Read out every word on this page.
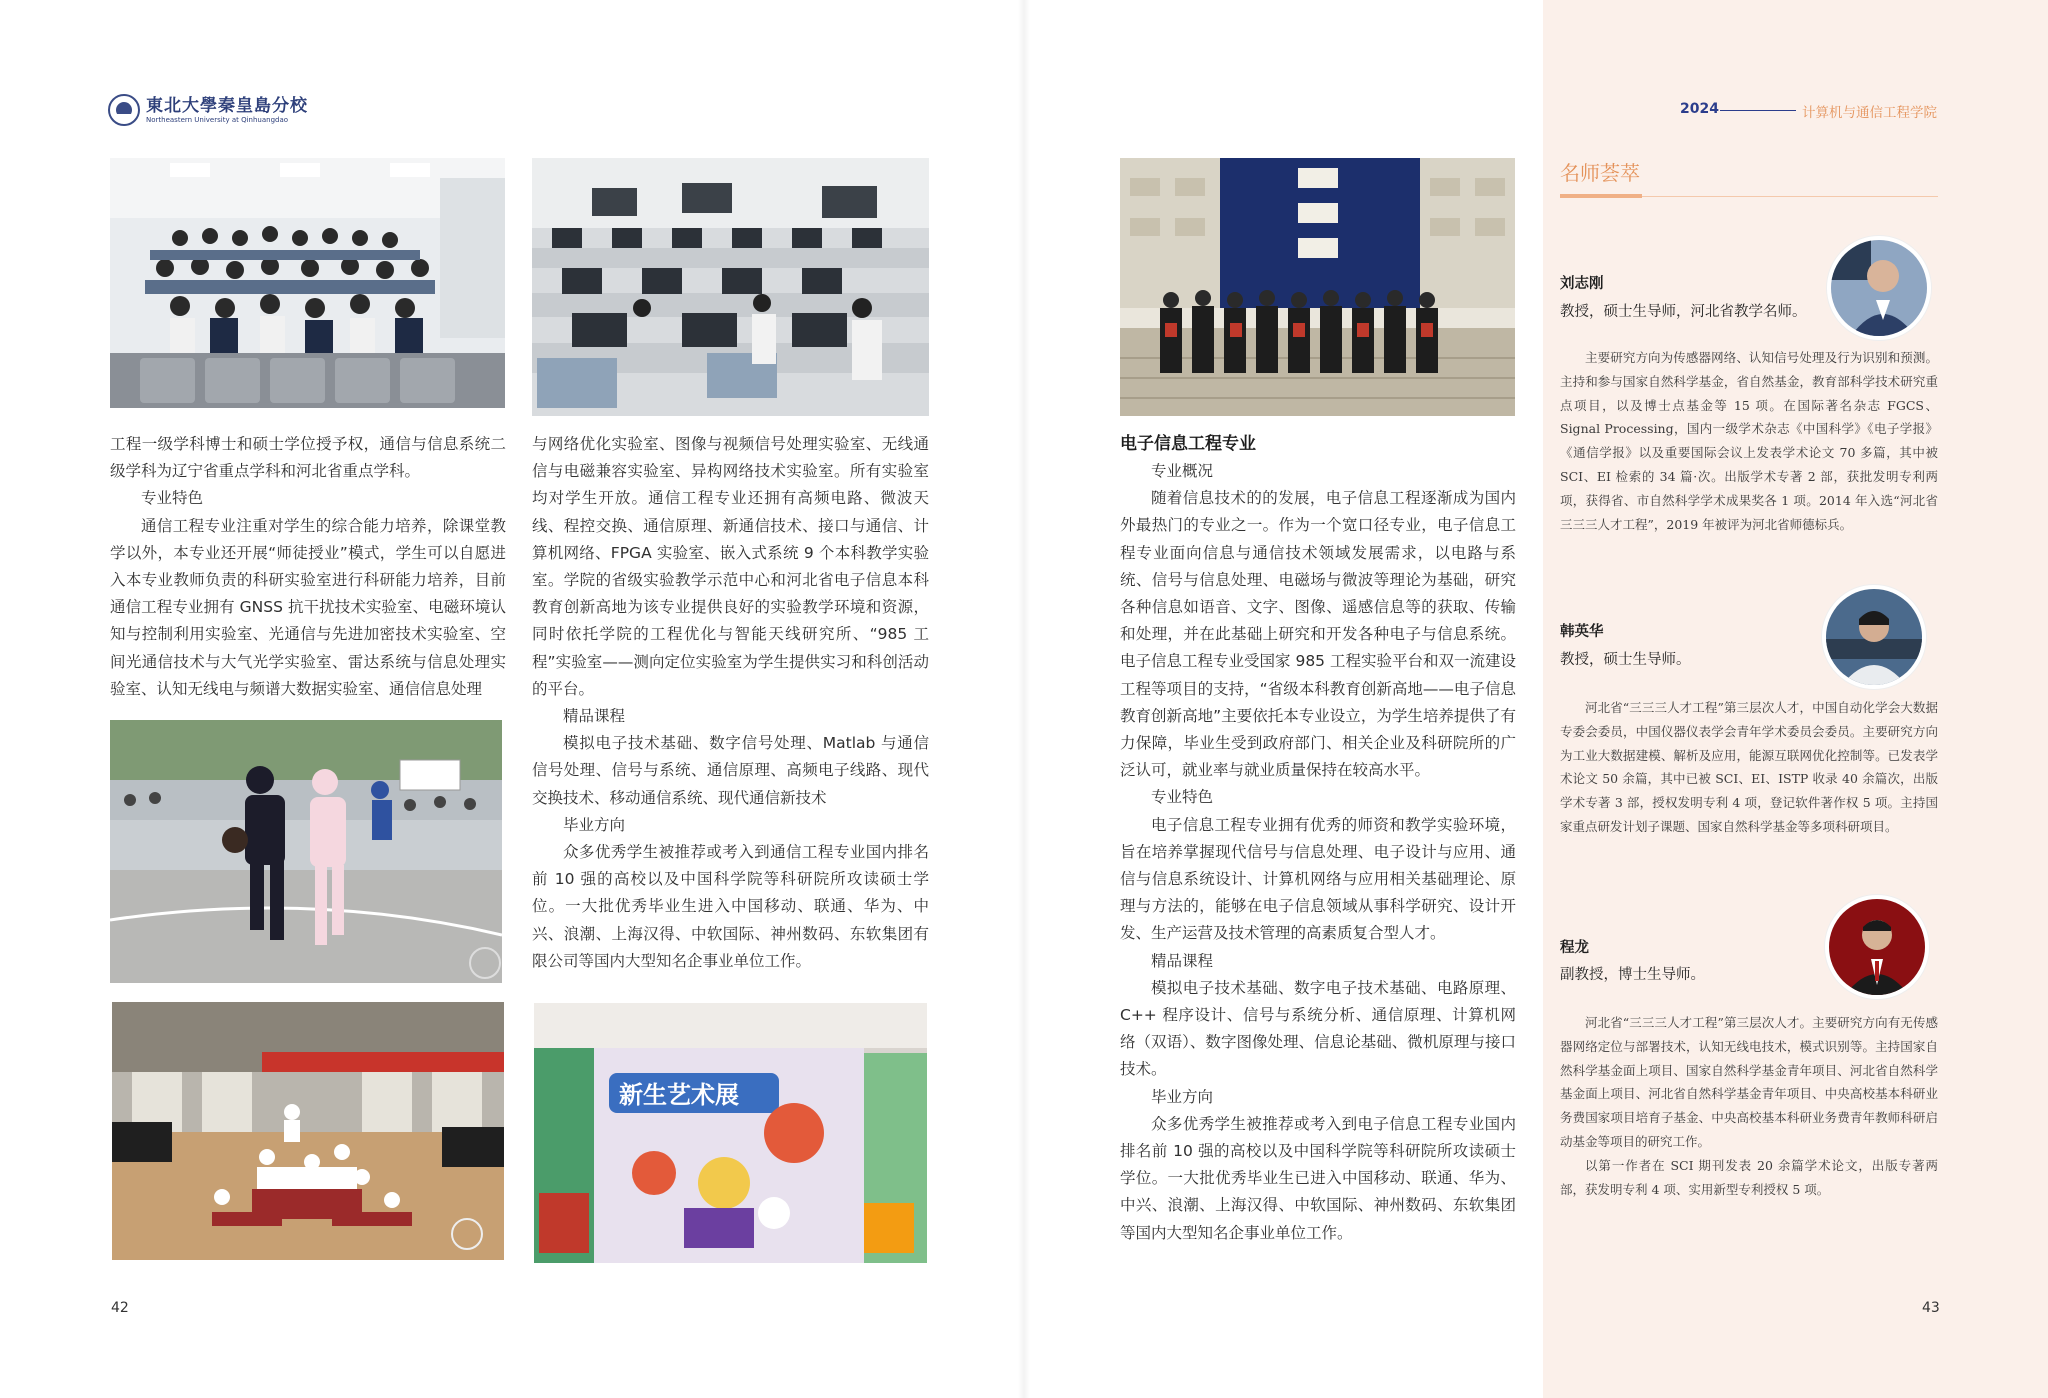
東北大學秦皇島分校
Northeastern University at Qinhuangdao
2024	计算机与通信工程学院

工程一级学科博士和硕士学位授予权，通信与信息系统二级学科为辽宁省重点学科和河北省重点学科。

专业特色

通信工程专业注重对学生的综合能力培养，除课堂教学以外，本专业还开展“师徒授业”模式，学生可以自愿进入本专业教师负责的科研实验室进行科研能力培养，目前通信工程专业拥有 GNSS 抗干扰技术实验室、电磁环境认知与控制利用实验室、光通信与先进加密技术实验室、空间光通信技术与大气光学实验室、雷达系统与信息处理实验室、认知无线电与频谱大数据实验室、通信信息处理

与网络优化实验室、图像与视频信号处理实验室、无线通信与电磁兼容实验室、异构网络技术实验室。所有实验室均对学生开放。通信工程专业还拥有高频电路、微波天线、程控交换、通信原理、新通信技术、接口与通信、计算机网络、FPGA 实验室、嵌入式系统 9 个本科教学实验室。学院的省级实验教学示范中心和河北省电子信息本科教育创新高地为该专业提供良好的实验教学环境和资源，同时依托学院的工程优化与智能天线研究所、“985 工程”实验室——测向定位实验室为学生提供实习和科创活动的平台。

精品课程

模拟电子技术基础、数字信号处理、Matlab 与通信信号处理、信号与系统、通信原理、高频电子线路、现代交换技术、移动通信系统、现代通信新技术

毕业方向

众多优秀学生被推荐或考入到通信工程专业国内排名前 10 强的高校以及中国科学院等科研院所攻读硕士学位。一大批优秀毕业生进入中国移动、联通、华为、中兴、浪潮、上海汉得、中软国际、神州数码、东软集团有限公司等国内大型知名企事业单位工作。

新生艺术展
电子信息工程专业

专业概况

随着信息技术的的发展，电子信息工程逐渐成为国内外最热门的专业之一。作为一个宽口径专业，电子信息工程专业面向信息与通信技术领域发展需求，以电路与系统、信号与信息处理、电磁场与微波等理论为基础，研究各种信息如语音、文字、图像、遥感信息等的获取、传输和处理，并在此基础上研究和开发各种电子与信息系统。电子信息工程专业受国家 985 工程实验平台和双一流建设工程等项目的支持，“省级本科教育创新高地——电子信息教育创新高地”主要依托本专业设立，为学生培养提供了有力保障，毕业生受到政府部门、相关企业及科研院所的广泛认可，就业率与就业质量保持在较高水平。

专业特色

电子信息工程专业拥有优秀的师资和教学实验环境，旨在培养掌握现代信号与信息处理、电子设计与应用、通信与信息系统设计、计算机网络与应用相关基础理论、原理与方法的，能够在电子信息领域从事科学研究、设计开发、生产运营及技术管理的高素质复合型人才。

精品课程

模拟电子技术基础、数字电子技术基础、电路原理、C++ 程序设计、信号与系统分析、通信原理、计算机网络（双语）、数字图像处理、信息论基础、微机原理与接口技术。

毕业方向

众多优秀学生被推荐或考入到电子信息工程专业国内排名前 10 强的高校以及中国科学院等科研院所攻读硕士学位。一大批优秀毕业生已进入中国移动、联通、华为、中兴、浪潮、上海汉得、中软国际、神州数码、东软集团等国内大型知名企事业单位工作。

名师荟萃
刘志刚
教授，硕士生导师，河北省教学名师。

主要研究方向为传感器网络、认知信号处理及行为识别和预测。主持和参与国家自然科学基金，省自然基金，教育部科学技术研究重点项目，以及博士点基金等 15 项。在国际著名杂志 FGCS、Signal Processing，国内一级学术杂志《中国科学》《电子学报》《通信学报》以及重要国际会议上发表学术论文 70 多篇，其中被 SCI、EI 检索的 34 篇·次。出版学术专著 2 部，获批发明专利两项，获得省、市自然科学学术成果奖各 1 项。2014 年入选“河北省三三三人才工程”，2019 年被评为河北省师德标兵。

韩英华
教授，硕士生导师。

河北省“三三三人才工程”第三层次人才，中国自动化学会大数据专委会委员，中国仪器仪表学会青年学术委员会委员。主要研究方向为工业大数据建模、解析及应用，能源互联网优化控制等。已发表学术论文 50 余篇，其中已被 SCI、EI、ISTP 收录 40 余篇次，出版学术专著 3 部，授权发明专利 4 项，登记软件著作权 5 项。主持国家重点研发计划子课题、国家自然科学基金等多项科研项目。

程龙
副教授，博士生导师。

河北省“三三三人才工程”第三层次人才。主要研究方向有无传感器网络定位与部署技术，认知无线电技术，模式识别等。主持国家自然科学基金面上项目、国家自然科学基金青年项目、河北省自然科学基金面上项目、河北省自然科学基金青年项目、中央高校基本科研业务费国家项目培育子基金、中央高校基本科研业务费青年教师科研启动基金等项目的研究工作。

以第一作者在 SCI 期刊发表 20 余篇学术论文，出版专著两部，获发明专利 4 项、实用新型专利授权 5 项。

42	43
